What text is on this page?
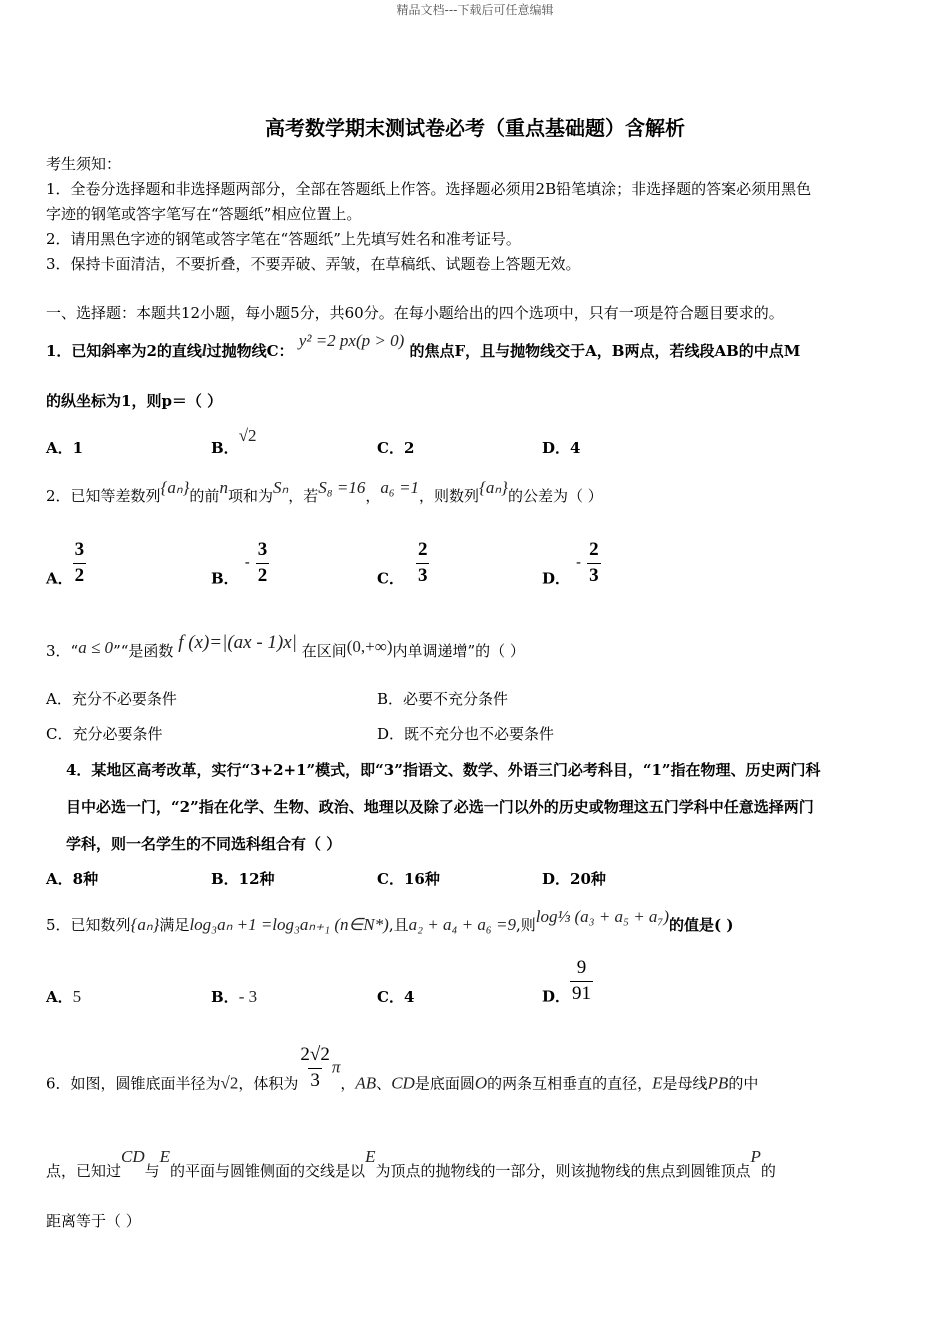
精品文档---下载后可任意编辑
高考数学期末测试卷必考（重点基础题）含解析
考生须知：
1．全卷分选择题和非选择题两部分，全部在答题纸上作答。选择题必须用2B铅笔填涂；非选择题的答案必须用黑色
字迹的钢笔或答字笔写在“答题纸”相应位置上。
2．请用黑色字迹的钢笔或答字笔在“答题纸”上先填写姓名和准考证号。
3．保持卡面清洁，不要折叠，不要弄破、弄皱，在草稿纸、试题卷上答题无效。
一、选择题：本题共12小题，每小题5分，共60分。在每小题给出的四个选项中，只有一项是符合题目要求的。
1．已知斜率为2的直线l过抛物线C： y² =2 px(p > 0) 的焦点F，且与抛物线交于A，B两点，若线段AB的中点M
的纵坐标为1，则p＝（ ）
A．1	B．√2
C．2	D．4
2．已知等差数列{aₙ}的前n项和为Sₙ，若S₈ =16，a₆ =1，则数列{aₙ}的公差为（ ）
A． $\frac{3}{2}$	B．- $\frac{3}{2}$	C． $\frac{2}{3}$	D．- $\frac{2}{3}$
3．“a ≤ 0”“是函数 f (x)=|(ax - 1)x| 在区间(0,+∞)内单调递增”的（ ）
A．充分不必要条件	B．必要不充分条件
C．充分必要条件	D．既不充分也不必要条件
4．某地区高考改革，实行“3+2+1”模式，即“3”指语文、数学、外语三门必考科目，“1”指在物理、历史两门科
目中必选一门，“2”指在化学、生物、政治、地理以及除了必选一门以外的历史或物理这五门学科中任意选择两门
学科，则一名学生的不同选科组合有（ ）
A．8种	B．12种	C．16种	D．20种
5．已知数列{aₙ}满足log₃aₙ +1 =log₃aₙ₊₁ (n∈N*),且a₂ + a₄ + a₆ =9,则log⅓ (a₃ + a₅ + a₇)的值是( )
A．5	B．- 3	C．4	D． $\frac{9}{91}$
6．如图，圆锥底面半径为√2，体积为 $\frac{2√2}{3}$ π，AB、CD是底面圆O的两条互相垂直的直径，E是母线PB的中
点，已知过CD与E的平面与圆锥侧面的交线是以E为顶点的抛物线的一部分，则该抛物线的焦点到圆锥顶点P的
距离等于（ ）
